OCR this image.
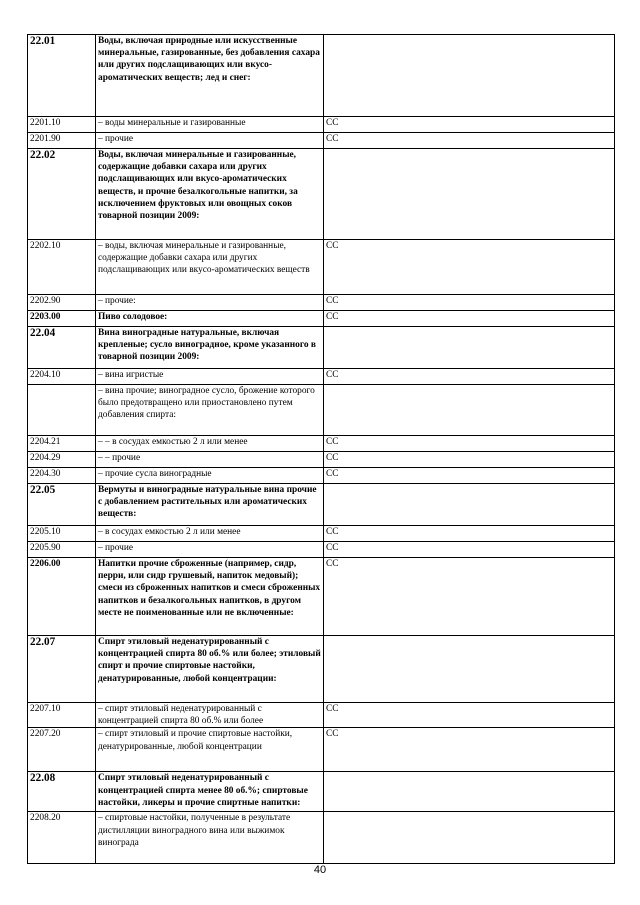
22.01	Воды, включая природные или искусственные минеральные, газированные, без добавления сахара или других подслащивающих или вкусо-ароматических веществ; лед и снег:	
2201.10	– воды минеральные и газированные	СС
2201.90	– прочие	СС
22.02	Воды, включая минеральные и газированные, содержащие добавки сахара или других подслащивающих или вкусо-ароматических веществ, и прочие безалкогольные напитки, за исключением фруктовых или овощных соков товарной позиции 2009:	
2202.10	– воды, включая минеральные и газированные, содержащие добавки сахара или других подслащивающих или вкусо-ароматических веществ	СС
2202.90	– прочие:	СС
2203.00	Пиво солодовое:	СС
22.04	Вина виноградные натуральные, включая крепленые; сусло виноградное, кроме указанного в товарной позиции 2009:	
2204.10	– вина игристые	СС
	– вина прочие; виноградное сусло, брожение которого было предотвращено или приостановлено путем добавления спирта:	
2204.21	– – в сосудах емкостью 2 л или менее	СС
2204.29	– – прочие	СС
2204.30	– прочие сусла виноградные	СС
22.05	Вермуты и виноградные натуральные вина прочие с добавлением растительных или ароматических веществ:	
2205.10	– в сосудах емкостью 2 л или менее	СС
2205.90	– прочие	СС
2206.00	Напитки прочие сброженные (например, сидр, перри, или сидр грушевый, напиток медовый); смеси из сброженных напитков и смеси сброженных напитков и безалкогольных напитков, в другом месте не поименованные или не включенные:	СС
22.07	Спирт этиловый неденатурированный с концентрацией спирта 80 об.% или более; этиловый спирт и прочие спиртовые настойки, денатурированные, любой концентрации:	
2207.10	– спирт этиловый неденатурированный с концентрацией спирта 80 об.% или более	СС
2207.20	– спирт этиловый и прочие спиртовые настойки, денатурированные, любой концентрации	СС
22.08	Спирт этиловый неденатурированный с концентрацией спирта менее 80 об.%; спиртовые настойки, ликеры и прочие спиртные напитки:	
2208.20	– спиртовые настойки, полученные в результате дистилляции виноградного вина или выжимок винограда	
40
